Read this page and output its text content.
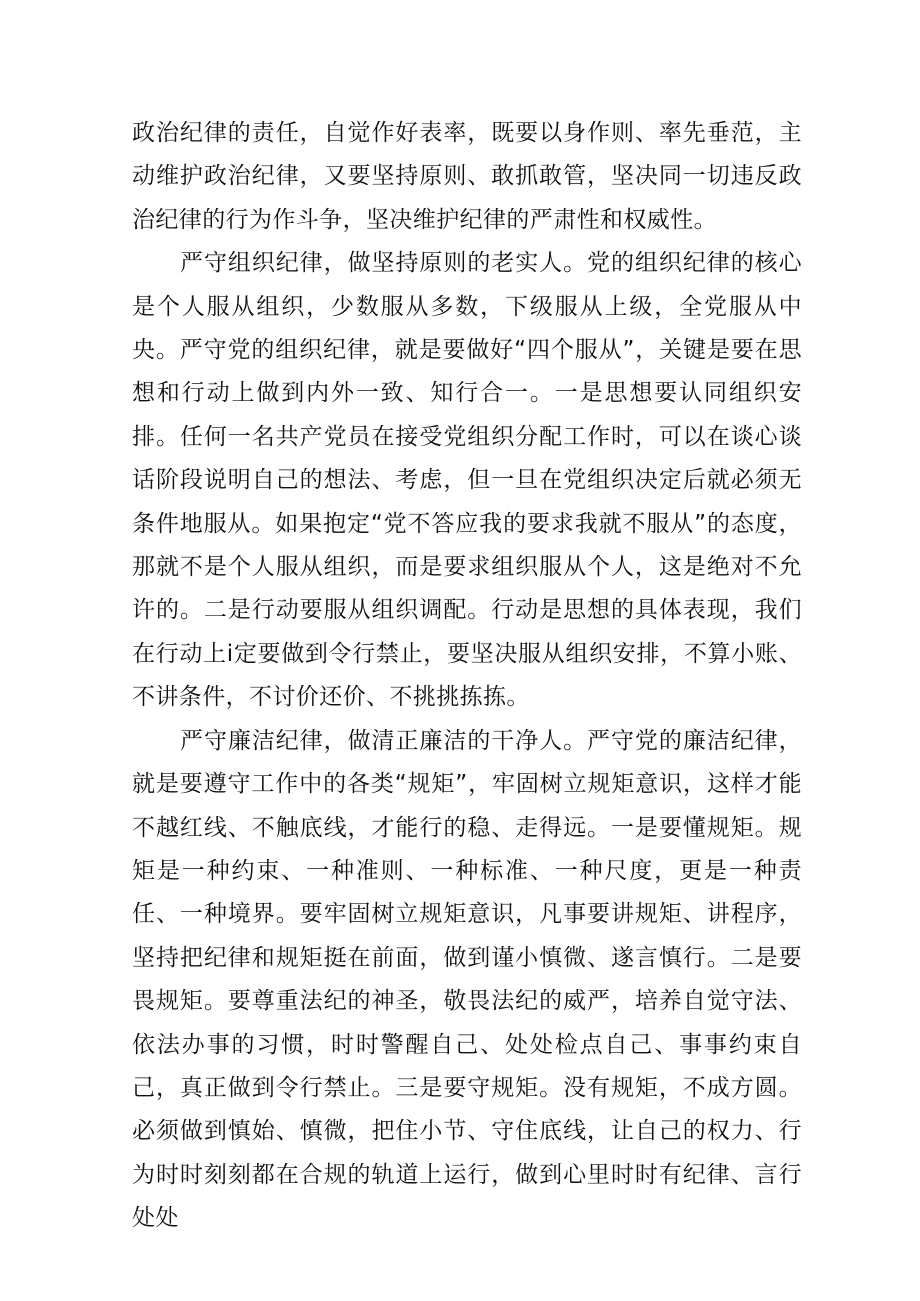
政治纪律的责任，自觉作好表率，既要以身作则、率先垂范，主动维护政治纪律，又要坚持原则、敢抓敢管，坚决同一切违反政治纪律的行为作斗争，坚决维护纪律的严肃性和权威性。

严守组织纪律，做坚持原则的老实人。党的组织纪律的核心是个人服从组织，少数服从多数，下级服从上级，全党服从中央。严守党的组织纪律，就是要做好“四个服从”，关键是要在思想和行动上做到内外一致、知行合一。一是思想要认同组织安排。任何一名共产党员在接受党组织分配工作时，可以在谈心谈话阶段说明自己的想法、考虑，但一旦在党组织决定后就必须无条件地服从。如果抱定“党不答应我的要求我就不服从”的态度，那就不是个人服从组织，而是要求组织服从个人，这是绝对不允许的。二是行动要服从组织调配。行动是思想的具体表现，我们在行动上i定要做到令行禁止，要坚决服从组织安排，不算小账、不讲条件，不讨价还价、不挑挑拣拣。

严守廉洁纪律，做清正廉洁的干净人。严守党的廉洁纪律，就是要遵守工作中的各类“规矩”，牢固树立规矩意识，这样才能不越红线、不触底线，才能行的稳、走得远。一是要懂规矩。规矩是一种约束、一种准则、一种标准、一种尺度，更是一种责任、一种境界。要牢固树立规矩意识，凡事要讲规矩、讲程序，坚持把纪律和规矩挺在前面，做到谨小慎微、遂言慎行。二是要畏规矩。要尊重法纪的神圣，敬畏法纪的威严，培养自觉守法、依法办事的习惯，时时警醒自己、处处检点自己、事事约束自己，真正做到令行禁止。三是要守规矩。没有规矩，不成方圆。必须做到慎始、慎微，把住小节、守住底线，让自己的权力、行为时时刻刻都在合规的轨道上运行，做到心里时时有纪律、言行处处
